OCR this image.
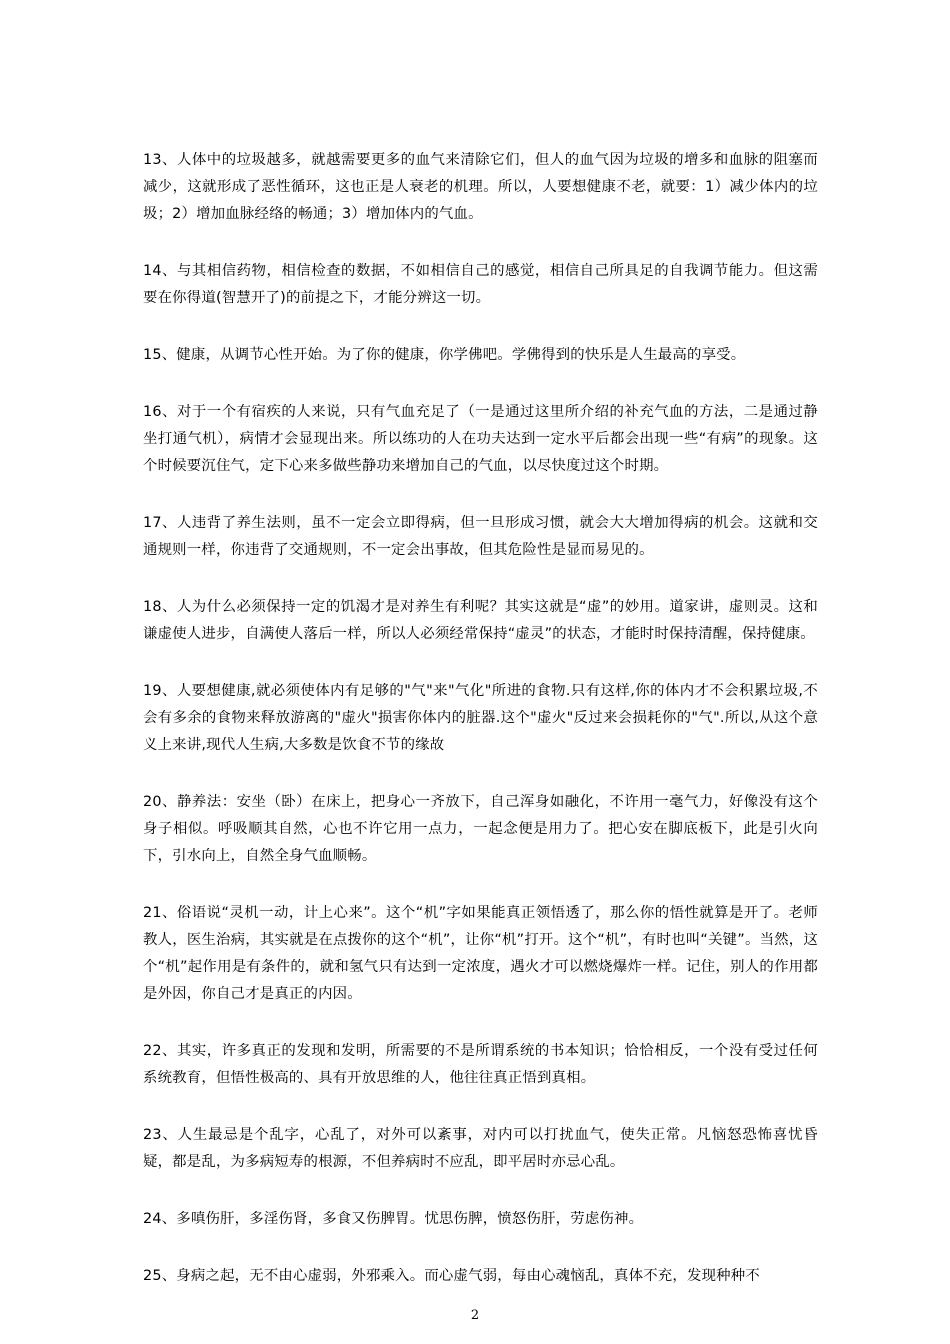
13、人体中的垃圾越多，就越需要更多的血气来清除它们，但人的血气因为垃圾的增多和血脉的阻塞而减少，这就形成了恶性循环，这也正是人衰老的机理。所以，人要想健康不老，就要：1）减少体内的垃圾；2）增加血脉经络的畅通；3）增加体内的气血。

14、与其相信药物，相信检查的数据，不如相信自己的感觉，相信自己所具足的自我调节能力。但这需要在你得道(智慧开了)的前提之下，才能分辨这一切。

15、健康，从调节心性开始。为了你的健康，你学佛吧。学佛得到的快乐是人生最高的享受。

16、对于一个有宿疾的人来说，只有气血充足了（一是通过这里所介绍的补充气血的方法，二是通过静坐打通气机），病情才会显现出来。所以练功的人在功夫达到一定水平后都会出现一些“有病”的现象。这个时候要沉住气，定下心来多做些静功来增加自己的气血，以尽快度过这个时期。

17、人违背了养生法则，虽不一定会立即得病，但一旦形成习惯，就会大大增加得病的机会。这就和交通规则一样，你违背了交通规则，不一定会出事故，但其危险性是显而易见的。

18、人为什么必须保持一定的饥渴才是对养生有利呢？其实这就是“虚”的妙用。道家讲，虚则灵。这和谦虚使人进步，自满使人落后一样，所以人必须经常保持“虚灵”的状态，才能时时保持清醒，保持健康。

19、人要想健康,就必须使体内有足够的"气"来"气化"所进的食物.只有这样,你的体内才不会积累垃圾,不会有多余的食物来释放游离的"虚火"损害你体内的脏器.这个"虚火"反过来会损耗你的"气".所以,从这个意义上来讲,现代人生病,大多数是饮食不节的缘故

20、静养法：安坐（卧）在床上，把身心一齐放下，自己浑身如融化，不许用一毫气力，好像没有这个身子相似。呼吸顺其自然，心也不许它用一点力，一起念便是用力了。把心安在脚底板下，此是引火向下，引水向上，自然全身气血顺畅。

21、俗语说“灵机一动，计上心来”。这个“机”字如果能真正领悟透了，那么你的悟性就算是开了。老师教人，医生治病，其实就是在点拨你的这个“机”，让你“机”打开。这个“机”，有时也叫“关键”。当然，这个“机”起作用是有条件的，就和氢气只有达到一定浓度，遇火才可以燃烧爆炸一样。记住，别人的作用都是外因，你自己才是真正的内因。

22、其实，许多真正的发现和发明，所需要的不是所谓系统的书本知识；恰恰相反，一个没有受过任何系统教育，但悟性极高的、具有开放思维的人，他往往真正悟到真相。

23、人生最忌是个乱字，心乱了，对外可以紊事，对内可以打扰血气，使失正常。凡恼怒恐怖喜忧昏疑，都是乱，为多病短寿的根源，不但养病时不应乱，即平居时亦忌心乱。

24、多嗔伤肝，多淫伤肾，多食又伤脾胃。忧思伤脾，愤怒伤肝，劳虑伤神。

25、身病之起，无不由心虚弱，外邪乘入。而心虚气弱，每由心魂恼乱，真体不充，发现种种不

2
